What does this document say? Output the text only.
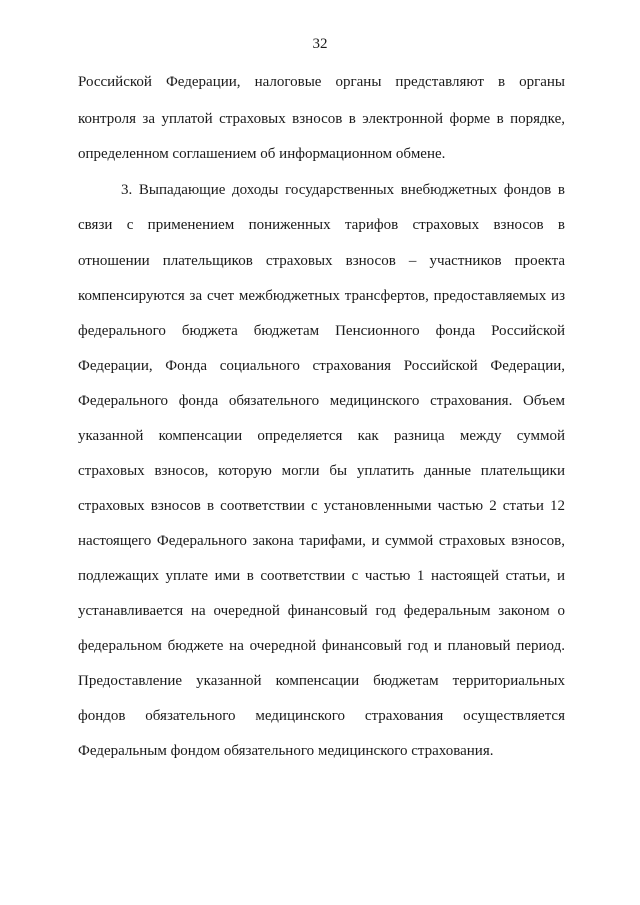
32
Российской Федерации, налоговые органы представляют в органы
контроля за уплатой страховых взносов в электронной форме в порядке,
определенном соглашением об информационном обмене.
3. Выпадающие доходы государственных внебюджетных фондов в
связи с применением пониженных тарифов страховых взносов в
отношении плательщиков страховых взносов – участников проекта
компенсируются за счет межбюджетных трансфертов, предоставляемых из
федерального бюджета бюджетам Пенсионного фонда Российской
Федерации, Фонда социального страхования Российской Федерации,
Федерального фонда обязательного медицинского страхования. Объем
указанной компенсации определяется как разница между суммой
страховых взносов, которую могли бы уплатить данные плательщики
страховых взносов в соответствии с установленными частью 2 статьи 12
настоящего Федерального закона тарифами, и суммой страховых взносов,
подлежащих уплате ими в соответствии с частью 1 настоящей статьи, и
устанавливается на очередной финансовый год федеральным законом о
федеральном бюджете на очередной финансовый год и плановый период.
Предоставление указанной компенсации бюджетам территориальных
фондов обязательного медицинского страхования осуществляется
Федеральным фондом обязательного медицинского страхования.
